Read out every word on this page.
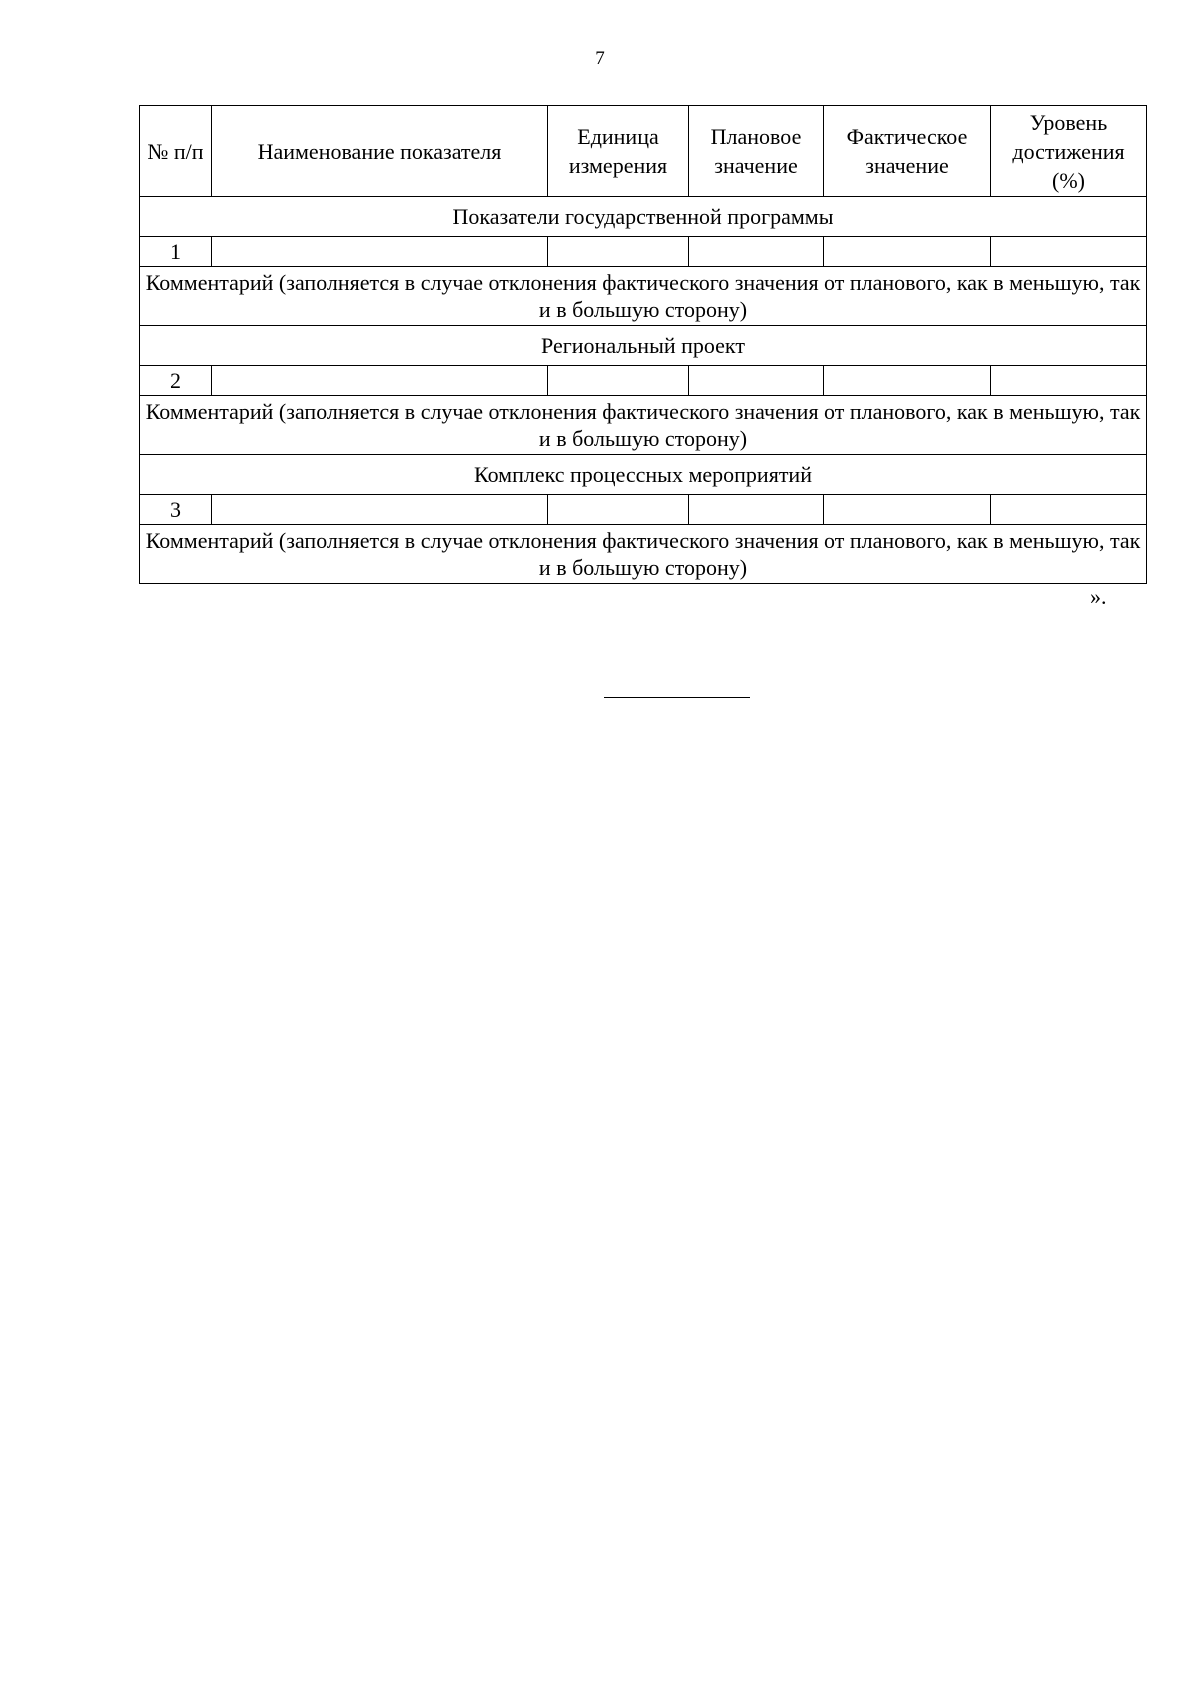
7
№ п/п	Наименование показателя	Единица измерения	Плановое значение	Фактическое значение	Уровень достижения (%)
Показатели государственной программы					
1					
Комментарий (заполняется в случае отклонения фактического значения от планового, как в меньшую, так и в большую сторону)					
Региональный проект					
2					
Комментарий (заполняется в случае отклонения фактического значения от планового, как в меньшую, так и в большую сторону)					
Комплекс процессных мероприятий					
3					
Комментарий (заполняется в случае отклонения фактического значения от планового, как в меньшую, так и в большую сторону)					
».
